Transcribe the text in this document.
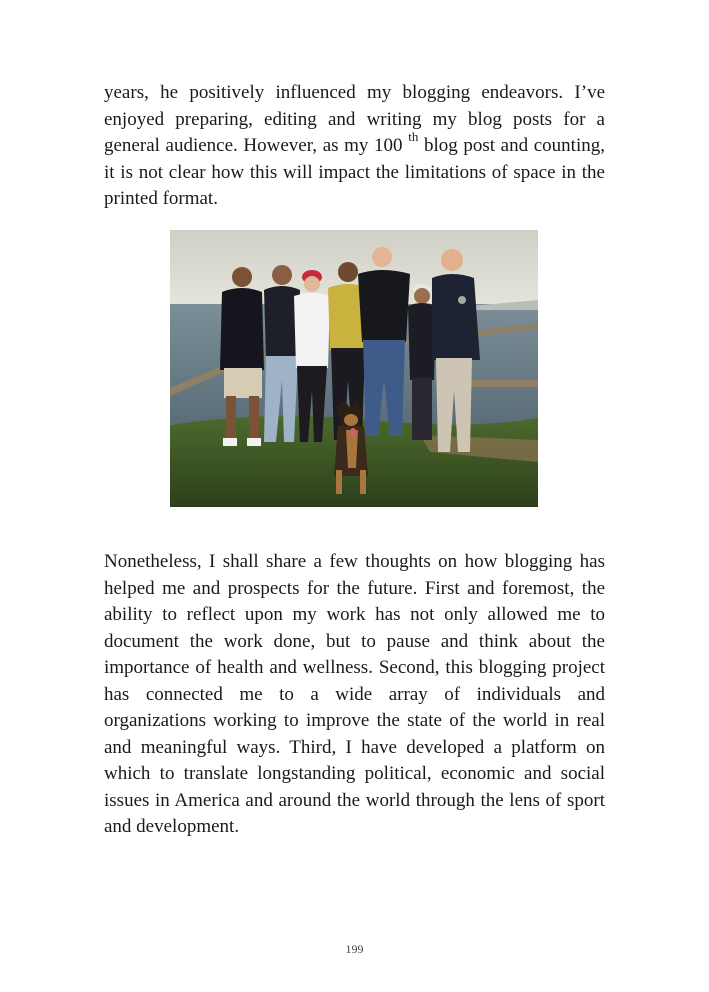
years, he positively influenced my blogging endeavors. I’ve enjoyed preparing, editing and writing my blog posts for a general audience. However, as my 100 $^{th}$ blog post and counting, it is not clear how this will impact the limitations of space in the printed format.

Nonetheless, I shall share a few thoughts on how blogging has helped me and prospects for the future. First and foremost, the ability to reflect upon my work has not only allowed me to document the work done, but to pause and think about the importance of health and wellness. Second, this blogging project has connected me to a wide array of individuals and organizations working to improve the state of the world in real and meaningful ways. Third, I have developed a platform on which to translate longstanding political, economic and social issues in America and around the world through the lens of sport and development.

199
